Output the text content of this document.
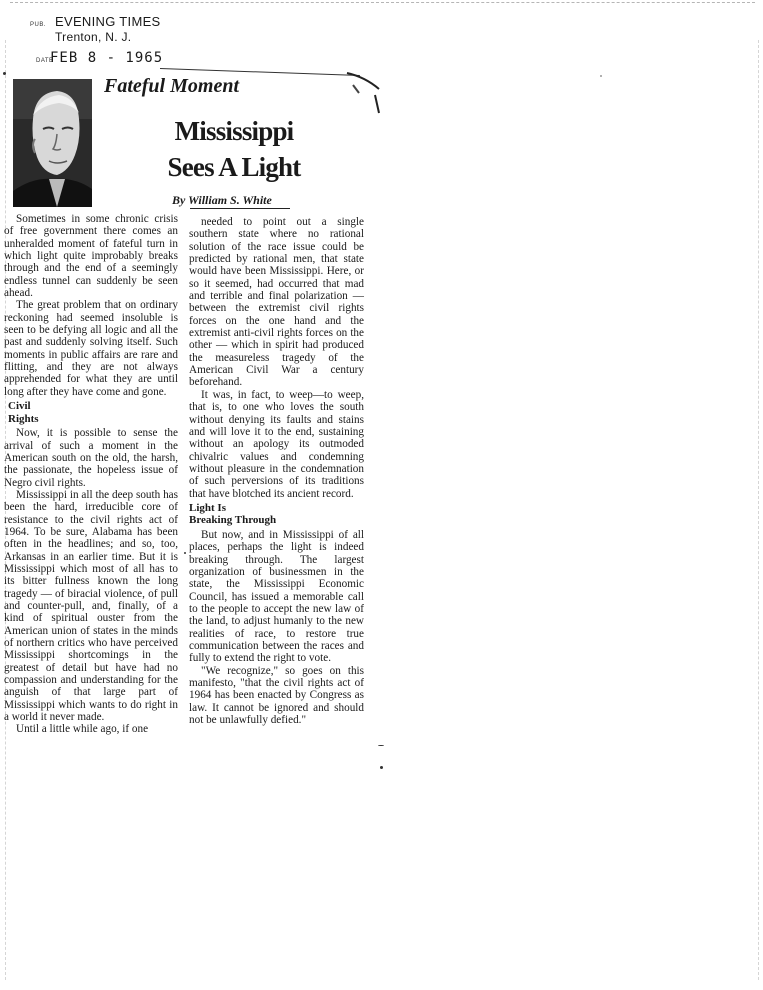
PUB. EVENING TIMES
Trenton, N. J.
DATE
FEB 8 - 1965
Fateful Moment
Mississippi
Sees A Light
By William S. White

Sometimes in some chronic crisis of free government there comes an unheralded moment of fateful turn in which light quite improbably breaks through and the end of a seemingly endless tunnel can suddenly be seen ahead.

The great problem that on ordinary reckoning had seemed insoluble is seen to be defying all logic and all the past and suddenly solving itself. Such moments in public affairs are rare and flitting, and they are not always apprehended for what they are until long after they have come and gone.

Civil
Rights

Now, it is possible to sense the arrival of such a moment in the American south on the old, the harsh, the passionate, the hopeless issue of Negro civil rights.

Mississippi in all the deep south has been the hard, irreducible core of resistance to the civil rights act of 1964. To be sure, Alabama has been often in the headlines; and so, too, Arkansas in an earlier time. But it is Mississippi which most of all has to its bitter fullness known the long tragedy — of biracial violence, of pull and counter-pull, and, finally, of a kind of spiritual ouster from the American union of states in the minds of northern critics who have perceived Mississippi shortcomings in the greatest of detail but have had no compassion and understanding for the anguish of that large part of Mississippi which wants to do right in a world it never made.

Until a little while ago, if one

needed to point out a single southern state where no rational solution of the race issue could be predicted by rational men, that state would have been Mississippi. Here, or so it seemed, had occurred that mad and terrible and final polarization — between the extremist civil rights forces on the one hand and the extremist anti-civil rights forces on the other — which in spirit had produced the measureless tragedy of the American Civil War a century beforehand.

It was, in fact, to weep—to weep, that is, to one who loves the south without denying its faults and stains and will love it to the end, sustaining without an apology its outmoded chivalric values and condemning without pleasure in the condemnation of such perversions of its traditions that have blotched its ancient record.

Light Is
Breaking Through

But now, and in Mississippi of all places, perhaps the light is indeed breaking through. The largest organization of businessmen in the state, the Mississippi Economic Council, has issued a memorable call to the people to accept the new law of the land, to adjust humanly to the new realities of race, to restore true communication between the races and fully to extend the right to vote.

"We recognize," so goes on this manifesto, "that the civil rights act of 1964 has been enacted by Congress as law. It cannot be ignored and should not be unlawfully defied."
